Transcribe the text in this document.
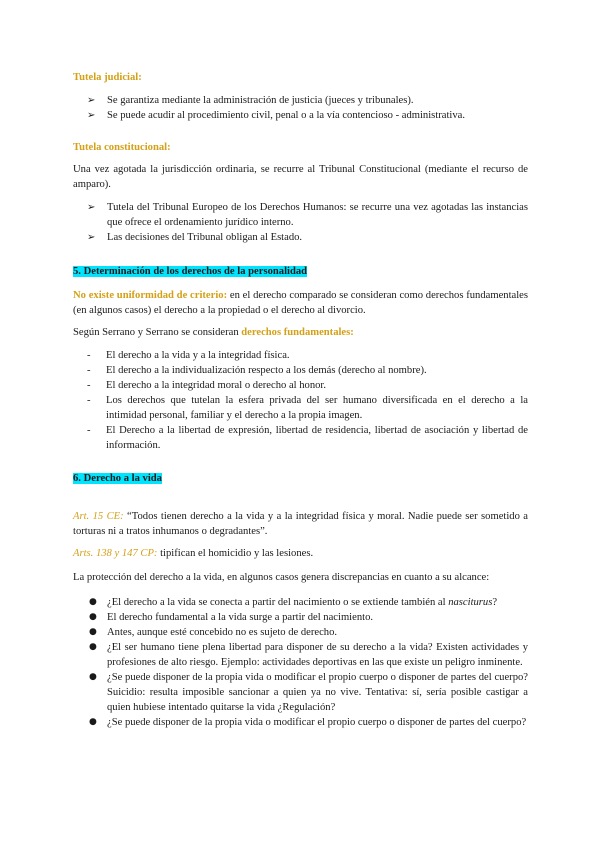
Tutela judicial:

➢ Se garantiza mediante la administración de justicia (jueces y tribunales).
➢ Se puede acudir al procedimiento civil, penal o a la vía contencioso - administrativa.

Tutela constitucional:

Una vez agotada la jurisdicción ordinaria, se recurre al Tribunal Constitucional (mediante el recurso de amparo).

➢ Tutela del Tribunal Europeo de los Derechos Humanos: se recurre una vez agotadas las instancias que ofrece el ordenamiento jurídico interno.
➢ Las decisiones del Tribunal obligan al Estado.

5. Determinación de los derechos de la personalidad

No existe uniformidad de criterio: en el derecho comparado se consideran como derechos fundamentales (en algunos casos) el derecho a la propiedad o el derecho al divorcio.

Según Serrano y Serrano se consideran derechos fundamentales:

- El derecho a la vida y a la integridad física.
- El derecho a la individualización respecto a los demás (derecho al nombre).
- El derecho a la integridad moral o derecho al honor.
- Los derechos que tutelan la esfera privada del ser humano diversificada en el derecho a la intimidad personal, familiar y el derecho a la propia imagen.
- El Derecho a la libertad de expresión, libertad de residencia, libertad de asociación y libertad de información.

6. Derecho a la vida

Art. 15 CE: “Todos tienen derecho a la vida y a la integridad física y moral. Nadie puede ser sometido a torturas ni a tratos inhumanos o degradantes”.

Arts. 138 y 147 CP: tipifican el homicidio y las lesiones.

La protección del derecho a la vida, en algunos casos genera discrepancias en cuanto a su alcance:

● ¿El derecho a la vida se conecta a partir del nacimiento o se extiende también al nasciturus?
● El derecho fundamental a la vida surge a partir del nacimiento.
● Antes, aunque esté concebido no es sujeto de derecho.
● ¿El ser humano tiene plena libertad para disponer de su derecho a la vida? Existen actividades y profesiones de alto riesgo. Ejemplo: actividades deportivas en las que existe un peligro inminente.
● ¿Se puede disponer de la propia vida o modificar el propio cuerpo o disponer de partes del cuerpo? Suicidio: resulta imposible sancionar a quien ya no vive. Tentativa: sí, sería posible castigar a quien hubiese intentado quitarse la vida ¿Regulación?
● ¿Se puede disponer de la propia vida o modificar el propio cuerpo o disponer de partes del cuerpo?
